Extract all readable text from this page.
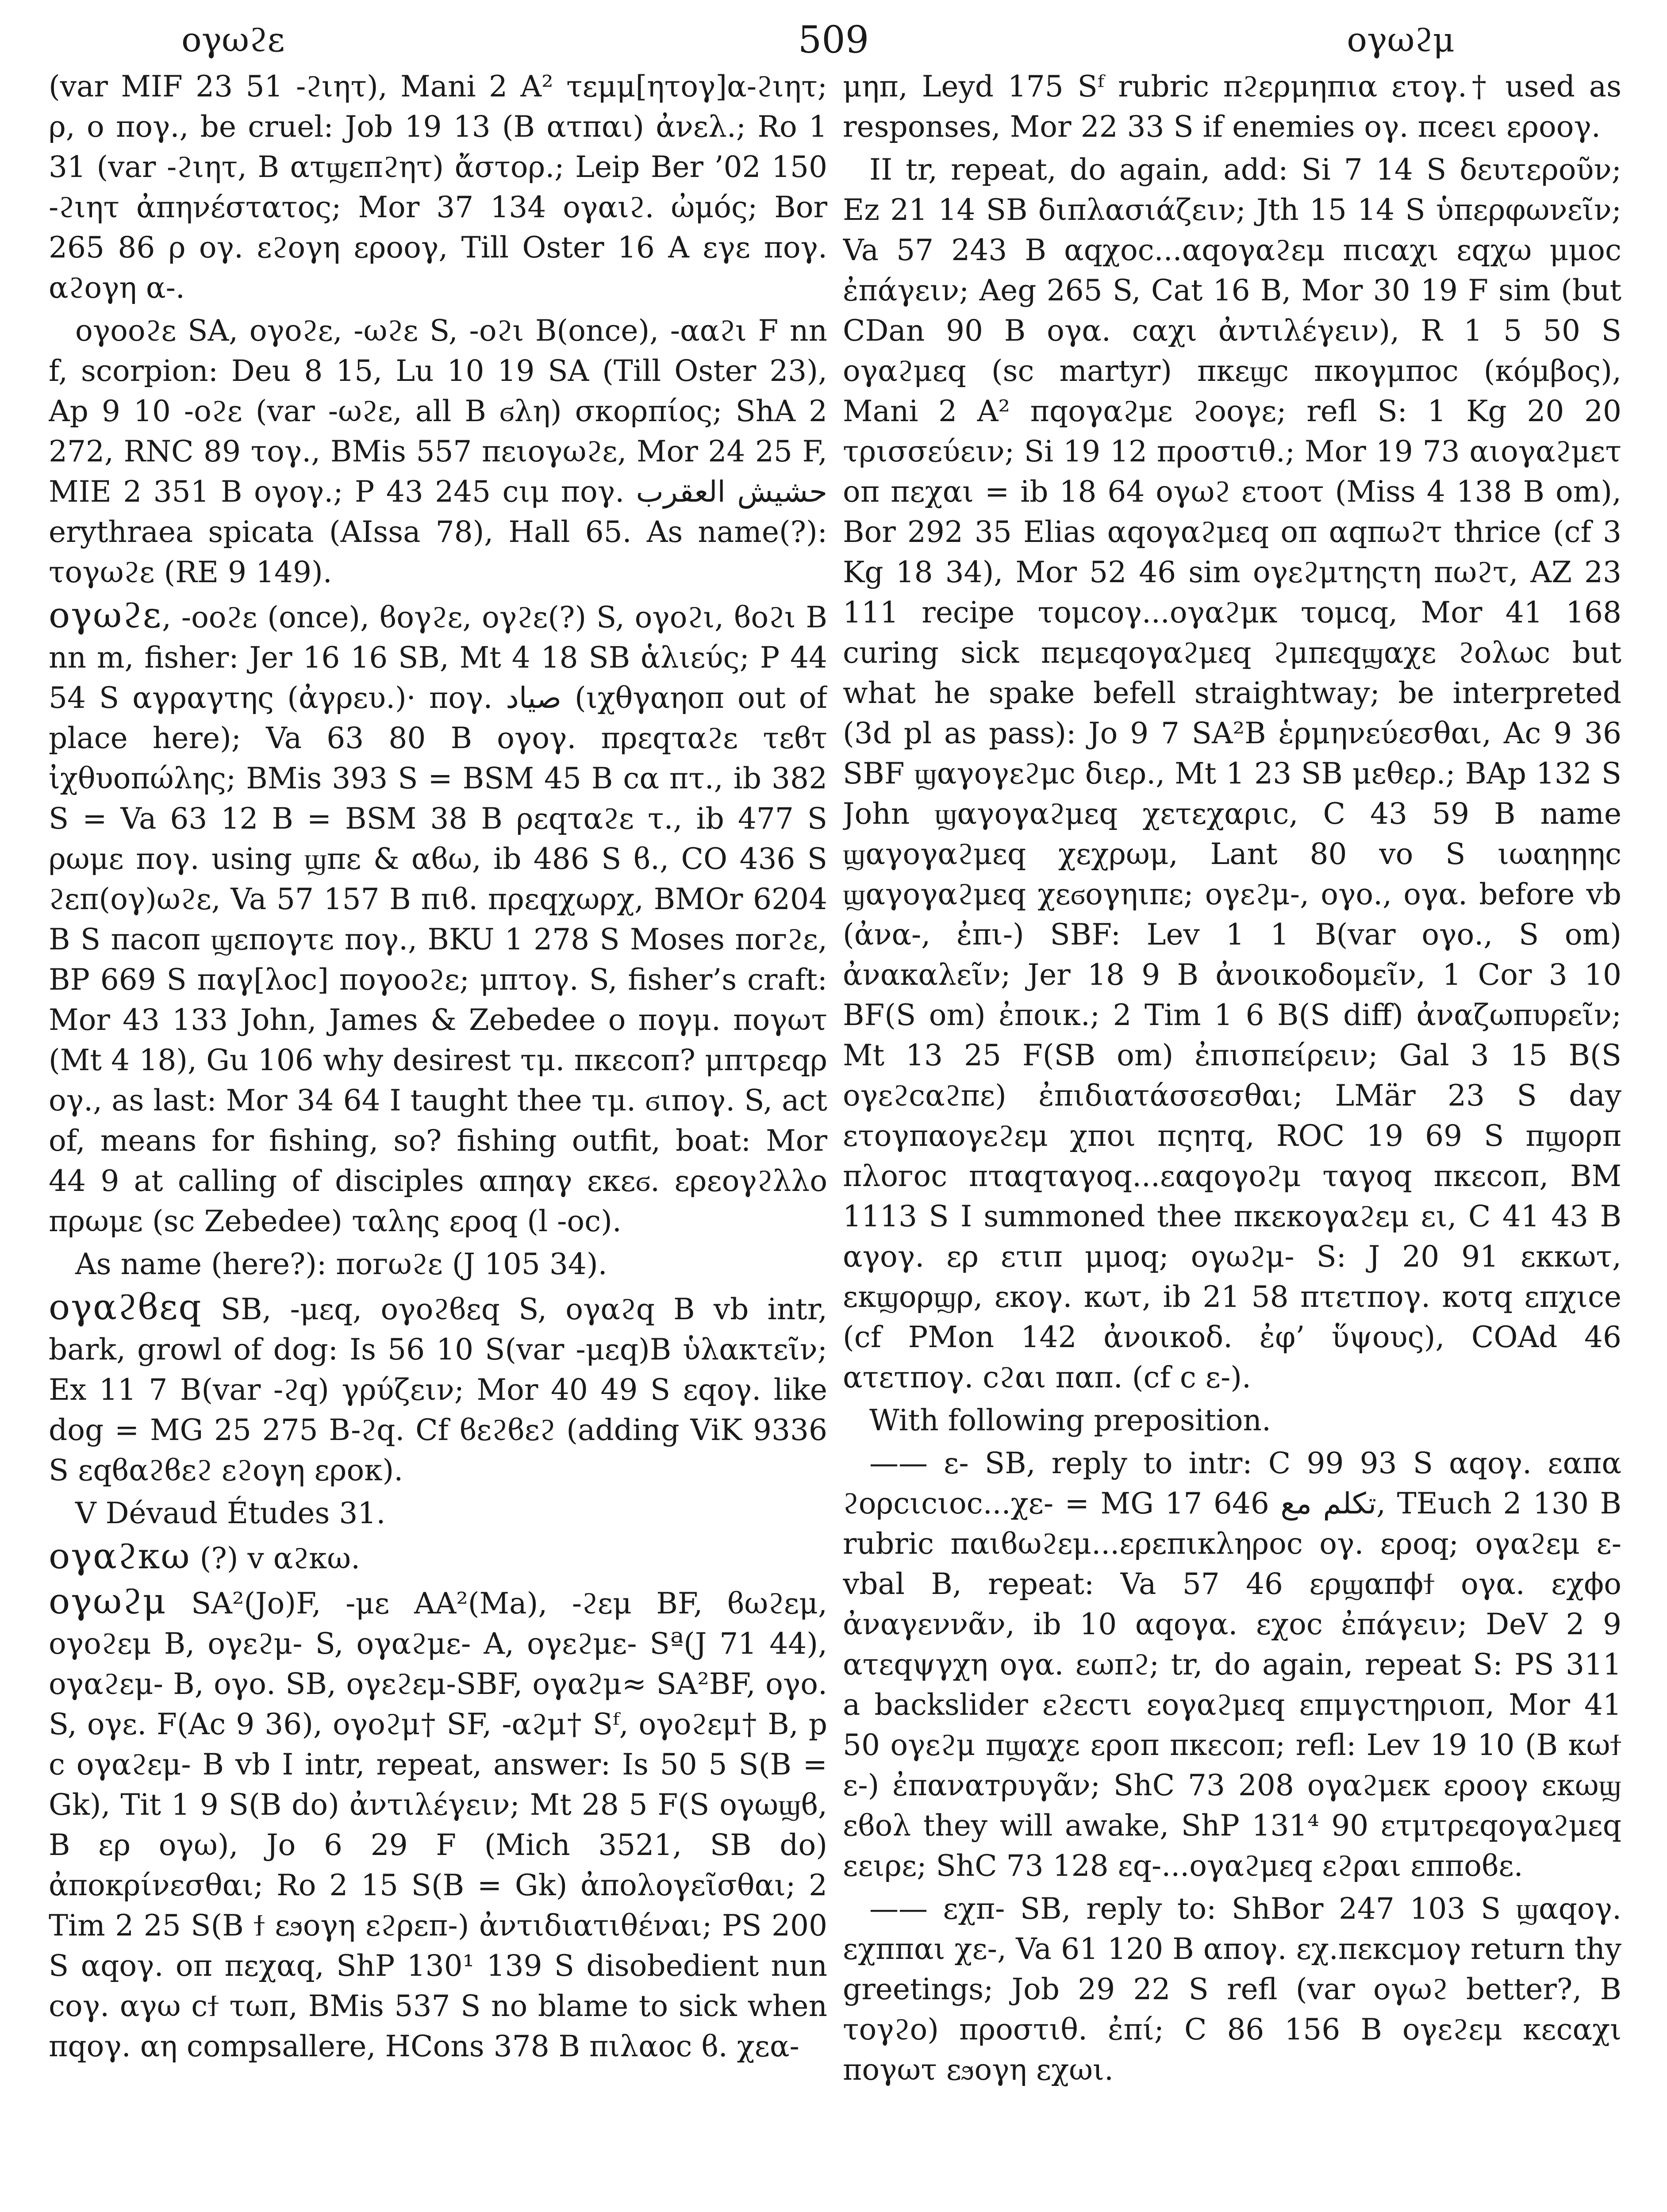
ογωϩε	509	ογωϩμ

(var MIF 23 51 -ϩιητ), Mani 2 A² τεμμ[ητογ]α-ϩιητ; ρ, ο πογ., be cruel: Job 19 13 (B ατπαι) ἀνελ.; Ro 1 31 (var -ϩιητ, B ατϣεπϩητ) ἄστορ.; Leip Ber ’02 150 -ϩιητ ἀπηνέστατος; Mor 37 134 ογαιϩ. ὠμός; Bor 265 86 ρ ογ. εϩογη εροογ, Till Oster 16 A εγε πογ. αϩογη α-.

ογοοϩε SA, ογοϩε, -ωϩε S, -οϩι B(once), -ααϩι F nn f, scorpion: Deu 8 15, Lu 10 19 SA (Till Oster 23), Ap 9 10 -οϩε (var -ωϩε, all B ϭλη) σκορπίος; ShA 2 272, RNC 89 τογ., BMis 557 πειογωϩε, Mor 24 25 F, MIE 2 351 B ογογ.; P 43 245 cιμ πογ. حشيش العقرب erythraea spicata (AIssa 78), Hall 65. As name(?): τογωϩε (RE 9 149).

ογωϩε, -οοϩε (once), ϐογϩε, ογϩε(?) S, ογοϩι, ϐοϩι B nn m, fisher: Jer 16 16 SB, Mt 4 18 SB ἁλιεύς; P 44 54 S αγραγτης (ἀγρευ.)· πογ. صياد (ιχθγαηοπ out of place here); Va 63 80 B ογογ. πρεqταϩε τεϐτ ἰχθυοπώλης; BMis 393 S = BSM 45 B cα πτ., ib 382 S = Va 63 12 B = BSM 38 B ρεqταϩε τ., ib 477 S ρωμε πογ. using ϣπε & αϐω, ib 486 S ϐ., CO 436 S ϩεπ(ογ)ωϩε, Va 57 157 B πιϐ. πρεqχωρχ, BMOr 6204 B S πacοπ ϣεπογτε πογ., BKU 1 278 S Moses ποгϩε, BP 669 S παγ[λοc] πογοοϩε; μπτογ. S, fisher’s craft: Mor 43 133 John, James & Zebedee ο πογμ. πογωτ (Mt 4 18), Gu 106 why desirest τμ. πκεcοπ? μπτρεqρ ογ., as last: Mor 34 64 I taught thee τμ. ϭιπογ. S, act of, means for fishing, so? fishing outfit, boat: Mor 44 9 at calling of disciples απηαγ εκεϭ. ερεογϩλλο πρωμε (sc Zebedee) ταλης εροq (l -οc).

As name (here?): ποгωϩε (J 105 34).

ογαϩϐεq SB, -μεq, ογοϩϐεq S, ογαϩq B vb intr, bark, growl of dog: Is 56 10 S(var -μεq)B ὑλακτεῖν; Ex 11 7 B(var -ϩq) γρύζειν; Mor 40 49 S εqογ. like dog = MG 25 275 B-ϩq. Cf ϐεϩϐεϩ (adding ViK 9336 S εqϐαϩϐεϩ εϩογη ερoκ).

V Dévaud Études 31.

ογαϩκω (?) v αϩκω.

ογωϩμ SA²(Jo)F, -με AA²(Ma), -ϩεμ BF, ϐωϩεμ, ογοϩεμ B, ογεϩμ- S, ογαϩμε- A, ογεϩμε- Sª(J 71 44), ογαϩεμ- B, ογο. SB, ογεϩεμ-SBF, ογαϩμ≈ SA²BF, ογο. S, ογε. F(Ac 9 36), ογοϩμ† SF, -αϩμ† Sᶠ, ογοϩεμ† B, p c ογαϩεμ- B vb I intr, repeat, answer: Is 50 5 S(B = Gk), Tit 1 9 S(B do) ἀντιλέγειν; Mt 28 5 F(S ογωϣϐ, B ερ ογω), Jo 6 29 F (Mich 3521, SB do) ἀποκρίνεσθαι; Ro 2 15 S(B = Gk) ἀπολογεῖσθαι; 2 Tim 2 25 S(B ϯ εϧογη εϩρεπ-) ἀντιδιατιθέναι; PS 200 S αqογ. οπ πεχαq, ShP 130¹ 139 S disobedient nun coγ. αγω cϯ τωπ, BMis 537 S no blame to sick when πqογ. αη compsallere, HCons 378 B πιλαοc ϐ. χεα-

μηπ, Leyd 175 Sᶠ rubric πϩερμηπια ετογ.† used as responses, Mor 22 33 S if enemies ογ. πceει εροογ.

II tr, repeat, do again, add: Si 7 14 S δευτεροῦν; Ez 21 14 SB διπλασιάζειν; Jth 15 14 S ὑπερφωνεῖν; Va 57 243 B αqχοc...αqογαϩεμ πιcαχι εqχω μμοc ἐπάγειν; Aeg 265 S, Cat 16 B, Mor 30 19 F sim (but CDan 90 B ογα. cαχι ἀντιλέγειν), R 1 5 50 S ογαϩμεq (sc martyr) πκεϣc πκογμποc (κόμβος), Mani 2 A² πqογαϩμε ϩοογε; refl S: 1 Kg 20 20 τρισσεύειν; Si 19 12 προστιθ.; Mor 19 73 αιογαϩμετ οπ πεχαι = ib 18 64 ογωϩ ετοοτ (Miss 4 138 B om), Bor 292 35 Elias αqογαϩμεq οπ αqπωϩτ thrice (cf 3 Kg 18 34), Mor 52 46 sim ογεϩμτηςτη πωϩτ, AZ 23 111 recipe τομcογ...ογαϩμκ τομcq, Mor 41 168 curing sick πεμεqογαϩμεq ϩμπεqϣαχε ϩολωc but what he spake befell straightway; be interpreted (3d pl as pass): Jo 9 7 SA²B ἑρμηνεύεσθαι, Ac 9 36 SBF ϣαγογεϩμc διερ., Mt 1 23 SB μεθερ.; BAp 132 S John ϣαγογαϩμεq χετεχαριc, C 43 59 B name ϣαγογαϩμεq χεχρωμ, Lant 80 vo S ιωαηηηc ϣαγογαϩμεq χεϭογηιπε; ογεϩμ-, ογο., ογα. before vb (ἀνα-, ἐπι-) SBF: Lev 1 1 B(var ογο., S om) ἀνακαλεῖν; Jer 18 9 B ἀνοικοδομεῖν, 1 Cor 3 10 BF(S om) ἐποικ.; 2 Tim 1 6 B(S diff) ἀναζωπυρεῖν; Mt 13 25 F(SB om) ἐπισπείρειν; Gal 3 15 B(S ογεϩcαϩπε) ἐπιδιατάσσεσθαι; LMär 23 S day ετογπαογεϩεμ χποι πςηтq, ROC 19 69 S πϣορπ πλοгοc πταqταγοq...εαqογοϩμ ταγοq πκεcοπ, BM 1113 S I summoned thee πκεκογαϩεμ ει, C 41 43 B αγογ. ερ ετιπ μμοq; ογωϩμ- S: J 20 91 εκκωτ, εκϣορϣρ, εκογ. κωτ, ib 21 58 πτετπογ. κοτq επχιce (cf PMon 142 ἀνοικοδ. ἐφ’ ὕψους), COAd 46 ατετπογ. cϩαι παπ. (cf c ε-).

With following preposition.

—— ε- SB, reply to intr: C 99 93 S αqογ. εαπα ϩορcιcιοc...χε- = MG 17 646 تكلم مع, TEuch 2 130 B rubric παιϐωϩεμ...ερεπικληροc ογ. εροq; ογαϩεμ ε- vbal B, repeat: Va 57 46 ερϣαпϕϯ ογα. εχϕο ἀναγεννᾶν, ib 10 αqογα. εχοc ἐπάγειν; DeV 2 9 ατεqψγχη ογα. εωπϩ; tr, do again, repeat S: PS 311 a backslider εϩεcτι εογαϩμεq επμγcτηριοπ, Mor 41 50 ογεϩμ πϣαχε εροπ πκεcοπ; refl: Lev 19 10 (B κωϯ ε-) ἐπαναтρυγᾶν; ShC 73 208 ογαϩμεκ εροογ εκωϣ εϐολ they will awake, ShP 131⁴ 90 ετμτρεqογαϩμεq εειρε; ShC 73 128 εq-...ογαϩμεq εϩραι επποϐε.

—— εχπ- SB, reply to: ShBor 247 103 S ϣαqογ. εχππαι χε-, Va 61 120 B αпογ. εχ.πεκcμογ return thy greetings; Job 29 22 S refl (var ογωϩ better?, B τογϩο) προστιθ. ἐπί; C 86 156 B ογεϩεμ κεcαχι πογωτ εϧογη εχωι.
